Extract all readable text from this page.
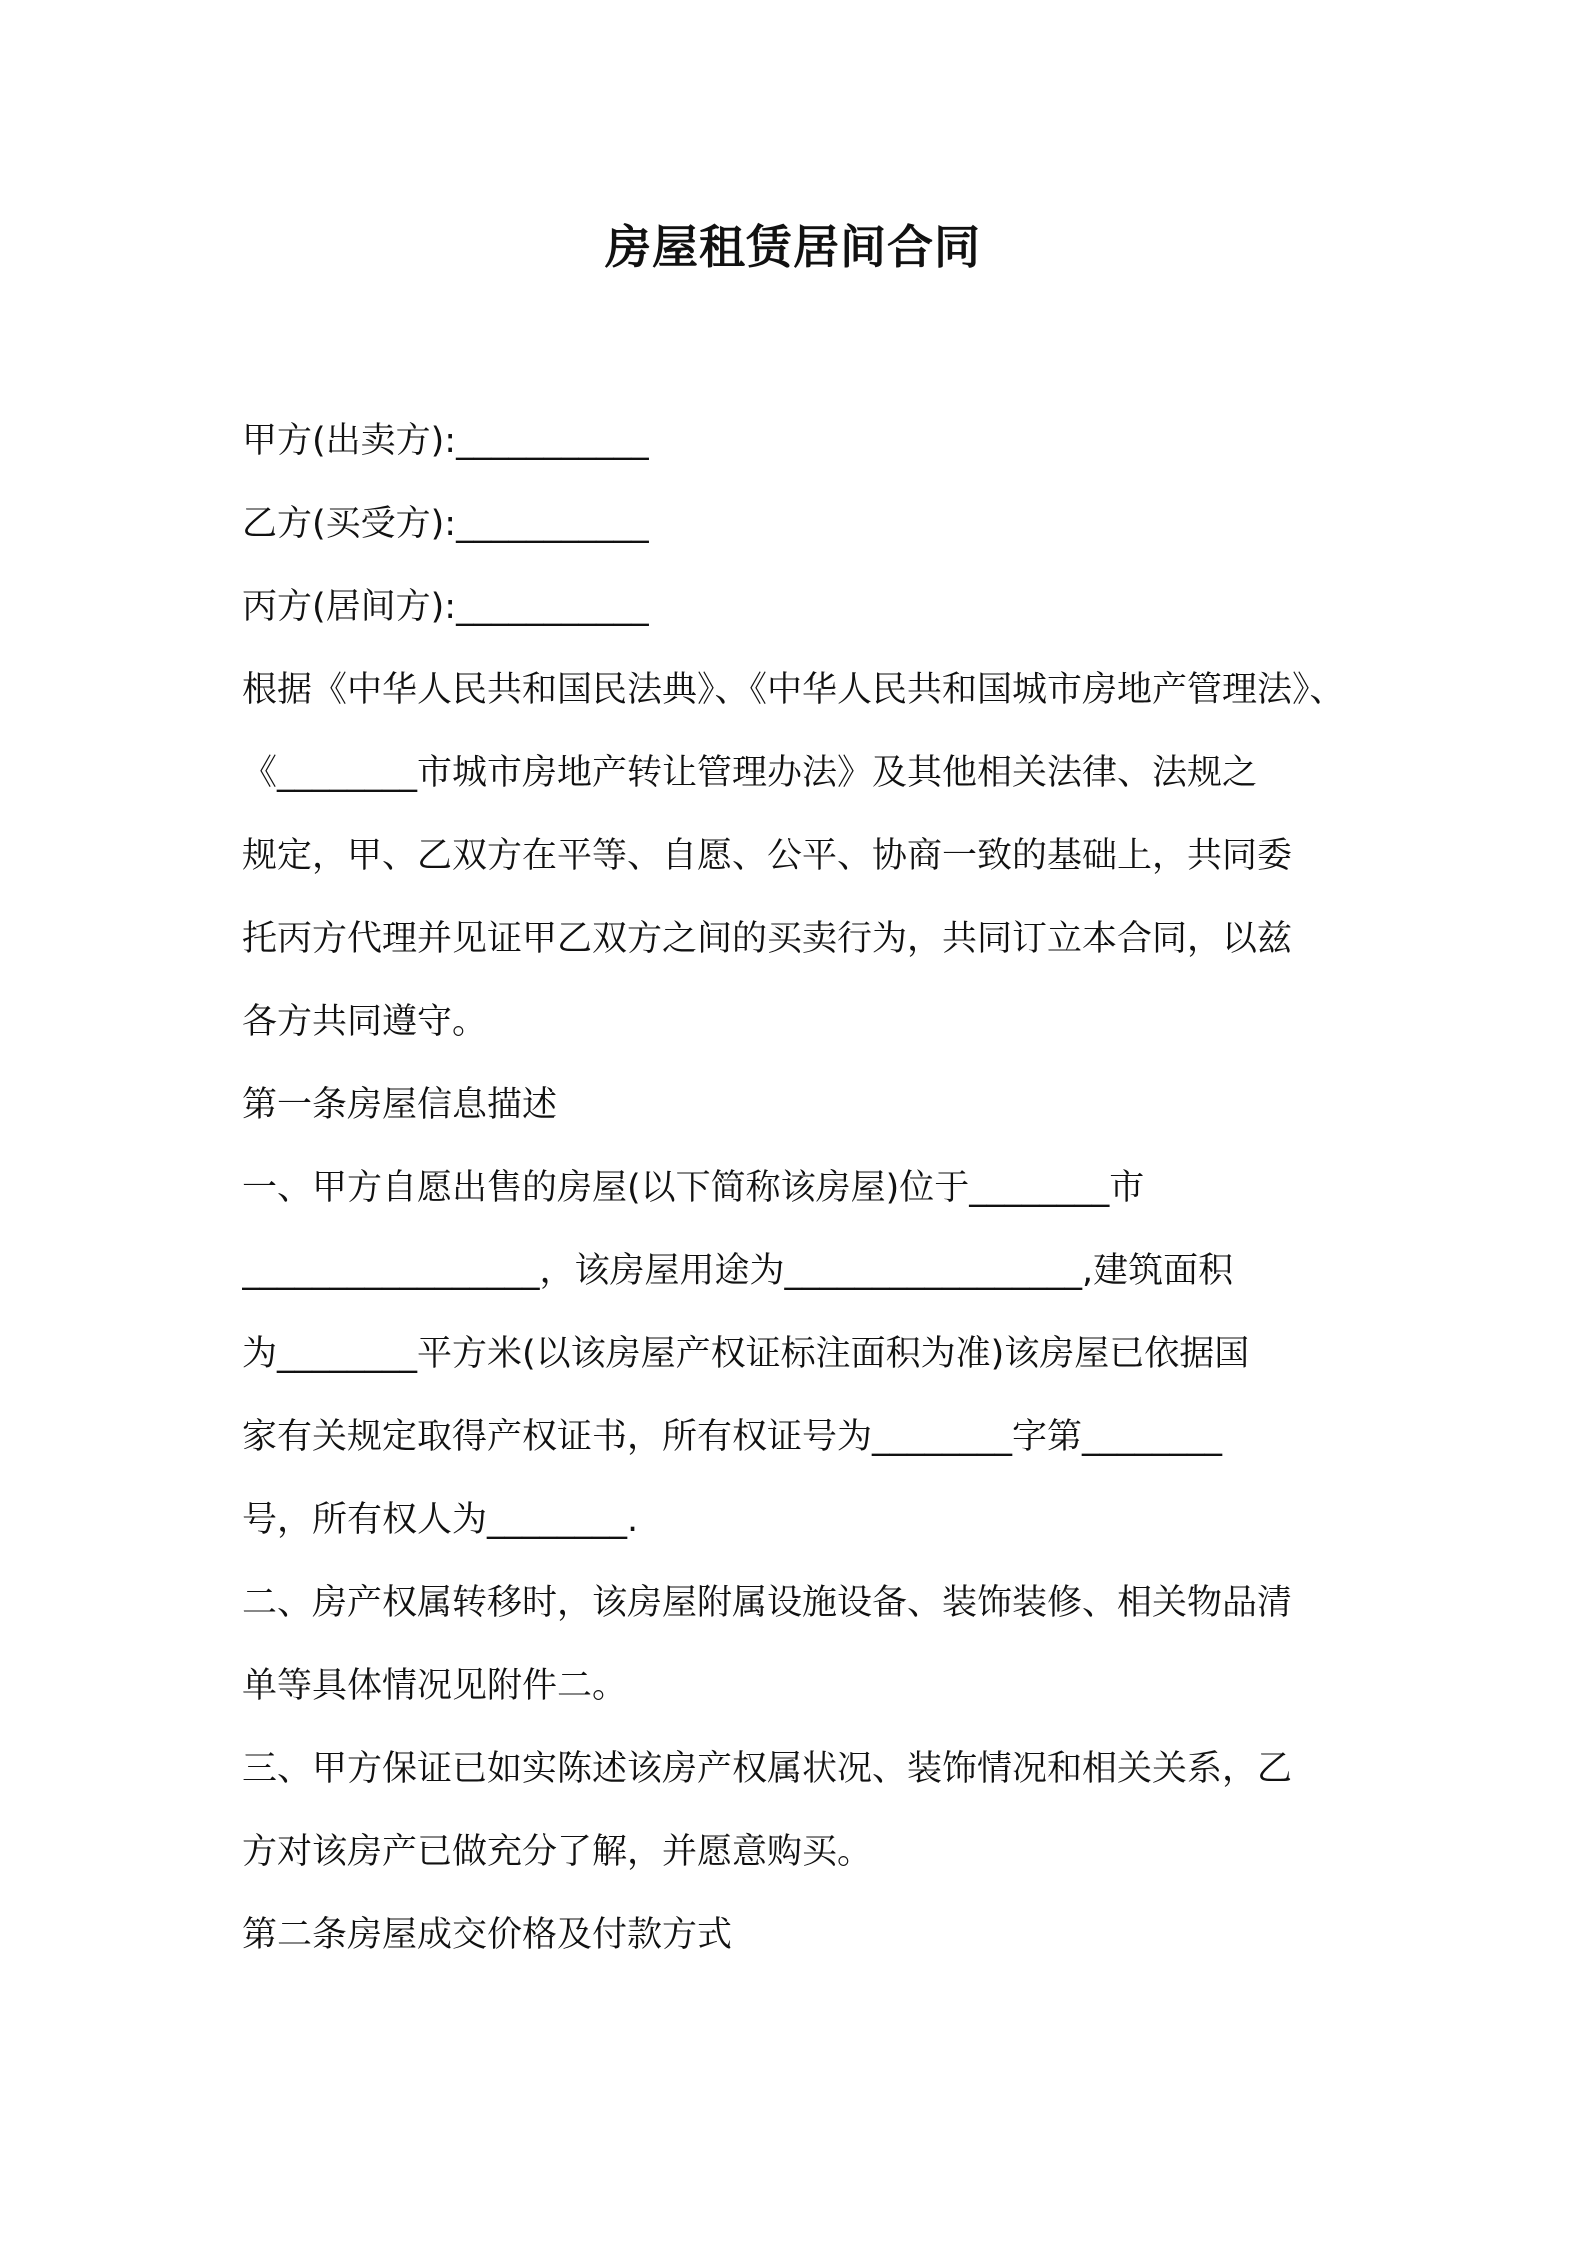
房屋租赁居间合同
甲方(出卖方):___________
乙方(买受方):___________
丙方(居间方):___________
根据《中华人民共和国民法典》、《中华人民共和国城市房地产管理法》、
《________市城市房地产转让管理办法》及其他相关法律、法规之
规定，甲、乙双方在平等、自愿、公平、协商一致的基础上，共同委
托丙方代理并见证甲乙双方之间的买卖行为，共同订立本合同，以兹
各方共同遵守。
第一条房屋信息描述
一、甲方自愿出售的房屋(以下简称该房屋)位于________市
_________________，该房屋用途为_________________,建筑面积
为________平方米(以该房屋产权证标注面积为准)该房屋已依据国
家有关规定取得产权证书，所有权证号为________字第________
号，所有权人为________.
二、房产权属转移时，该房屋附属设施设备、装饰装修、相关物品清
单等具体情况见附件二。
三、甲方保证已如实陈述该房产权属状况、装饰情况和相关关系，乙
方对该房产已做充分了解，并愿意购买。
第二条房屋成交价格及付款方式
